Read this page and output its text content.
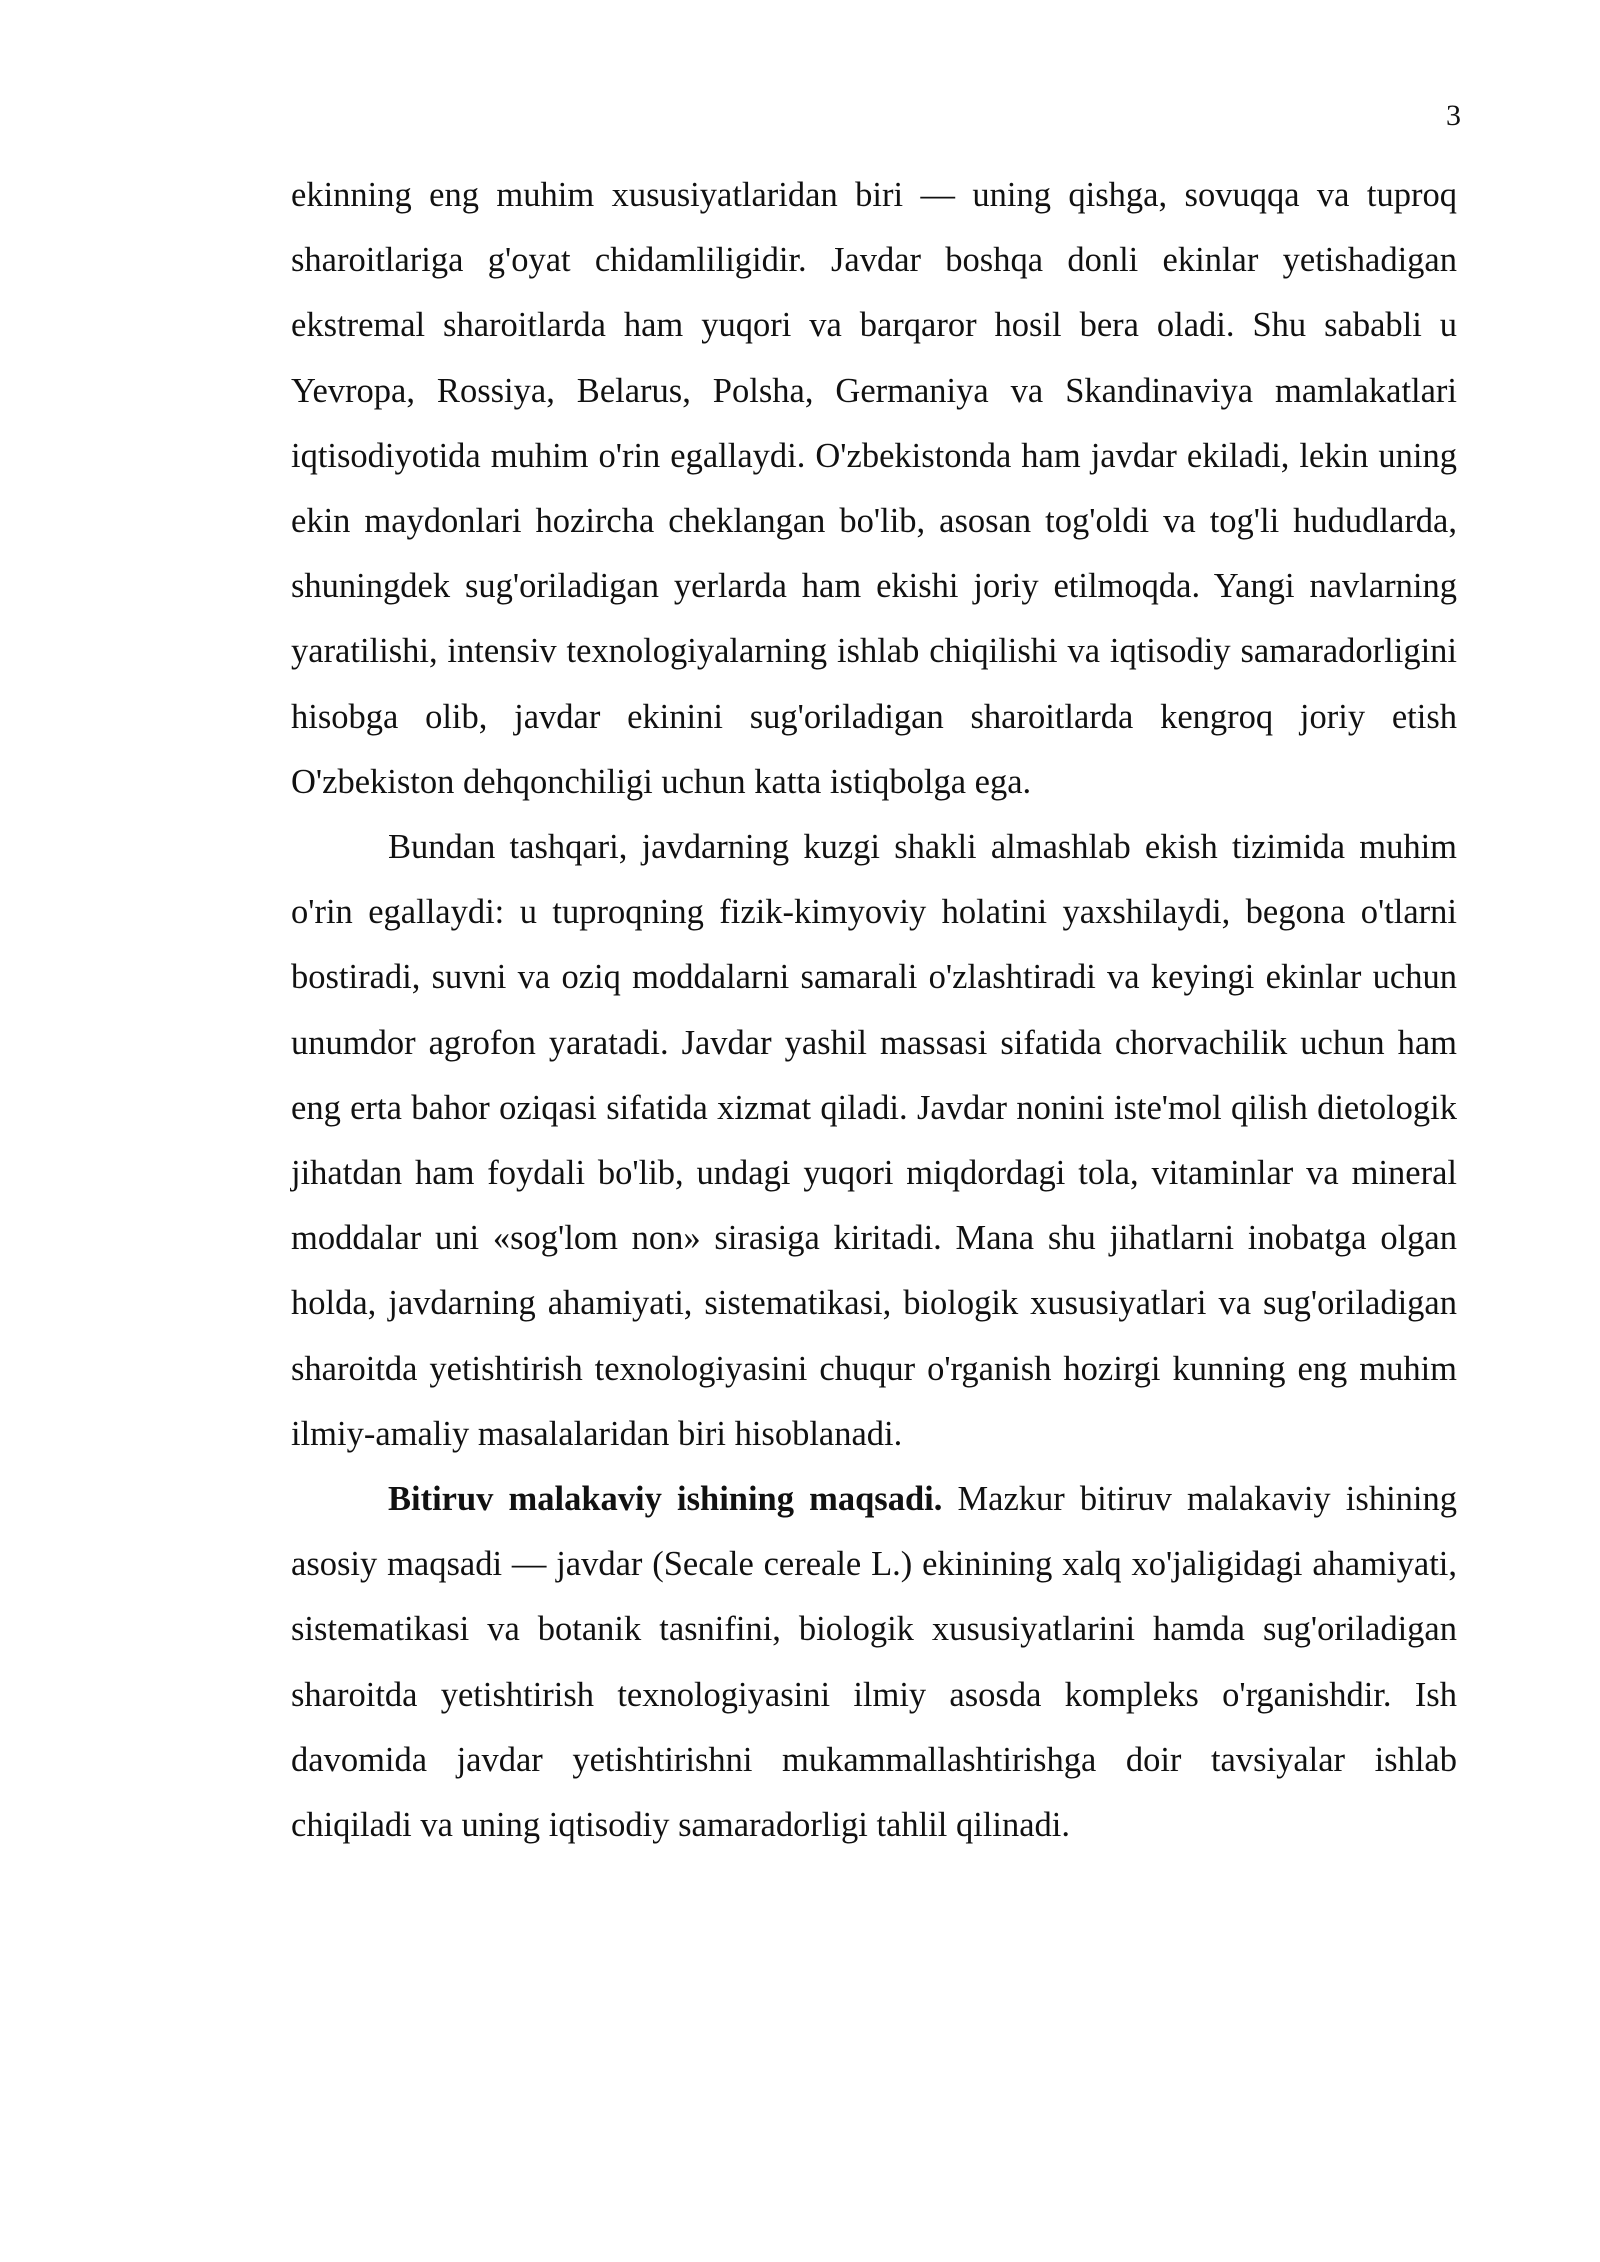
3

ekinning eng muhim xususiyatlaridan biri — uning qishga, sovuqqa va tuproq sharoitlariga g'oyat chidamliligidir. Javdar boshqa donli ekinlar yetishadigan ekstremal sharoitlarda ham yuqori va barqaror hosil bera oladi. Shu sababli u Yevropa, Rossiya, Belarus, Polsha, Germaniya va Skandinaviya mamlakatlari iqtisodiyotida muhim o'rin egallaydi. O'zbekistonda ham javdar ekiladi, lekin uning ekin maydonlari hozircha cheklangan bo'lib, asosan tog'oldi va tog'li hududlarda, shuningdek sug'oriladigan yerlarda ham ekishi joriy etilmoqda. Yangi navlarning yaratilishi, intensiv texnologiyalarning ishlab chiqilishi va iqtisodiy samaradorligini hisobga olib, javdar ekinini sug'oriladigan sharoitlarda kengroq joriy etish O'zbekiston dehqonchiligi uchun katta istiqbolga ega.

Bundan tashqari, javdarning kuzgi shakli almashlab ekish tizimida muhim o'rin egallaydi: u tuproqning fizik-kimyoviy holatini yaxshilaydi, begona o'tlarni bostiradi, suvni va oziq moddalarni samarali o'zlashtiradi va keyingi ekinlar uchun unumdor agrofon yaratadi. Javdar yashil massasi sifatida chorvachilik uchun ham eng erta bahor oziqasi sifatida xizmat qiladi. Javdar nonini iste'mol qilish dietologik jihatdan ham foydali bo'lib, undagi yuqori miqdordagi tola, vitaminlar va mineral moddalar uni «sog'lom non» sirasiga kiritadi. Mana shu jihatlarni inobatga olgan holda, javdarning ahamiyati, sistematikasi, biologik xususiyatlari va sug'oriladigan sharoitda yetishtirish texnologiyasini chuqur o'rganish hozirgi kunning eng muhim ilmiy-amaliy masalalaridan biri hisoblanadi.

Bitiruv malakaviy ishining maqsadi. Mazkur bitiruv malakaviy ishining asosiy maqsadi — javdar (Secale cereale L.) ekinining xalq xo'jaligidagi ahamiyati, sistematikasi va botanik tasnifini, biologik xususiyatlarini hamda sug'oriladigan sharoitda yetishtirish texnologiyasini ilmiy asosda kompleks o'rganishdir. Ish davomida javdar yetishtirishni mukammallashtirishga doir tavsiyalar ishlab chiqiladi va uning iqtisodiy samaradorligi tahlil qilinadi.
